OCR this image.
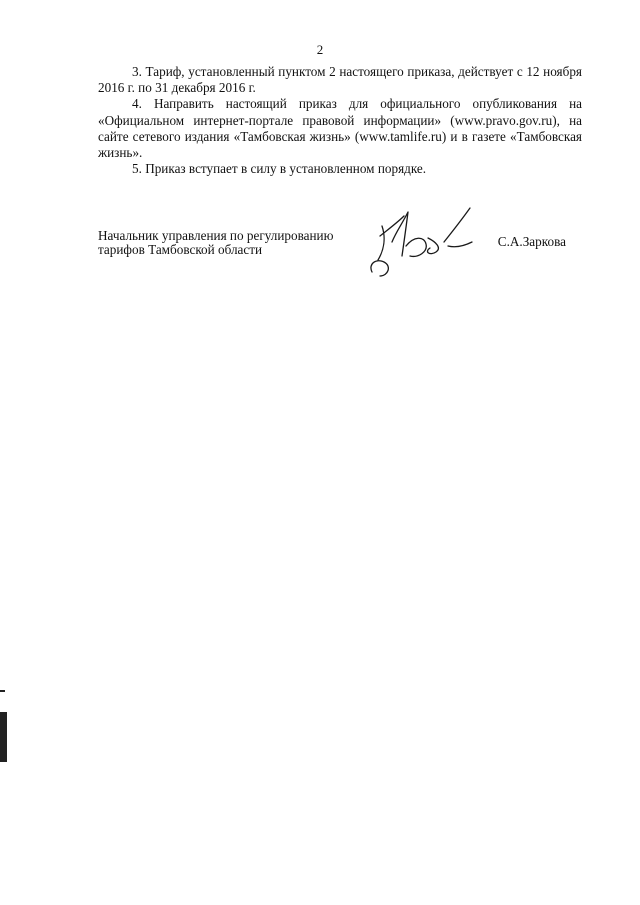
2

3. Тариф, установленный пунктом 2 настоящего приказа, действует с 12 ноября 2016 г. по 31 декабря 2016 г.

4. Направить настоящий приказ для официального опубликования на «Официальном интернет-портале правовой информации» (www.pravo.gov.ru), на сайте сетевого издания «Тамбовская жизнь» (www.tamlife.ru) и в газете «Тамбовская жизнь».

5. Приказ вступает в силу в установленном порядке.

Начальник управления по регулированию
тарифов Тамбовской области	С.А.Заркова
